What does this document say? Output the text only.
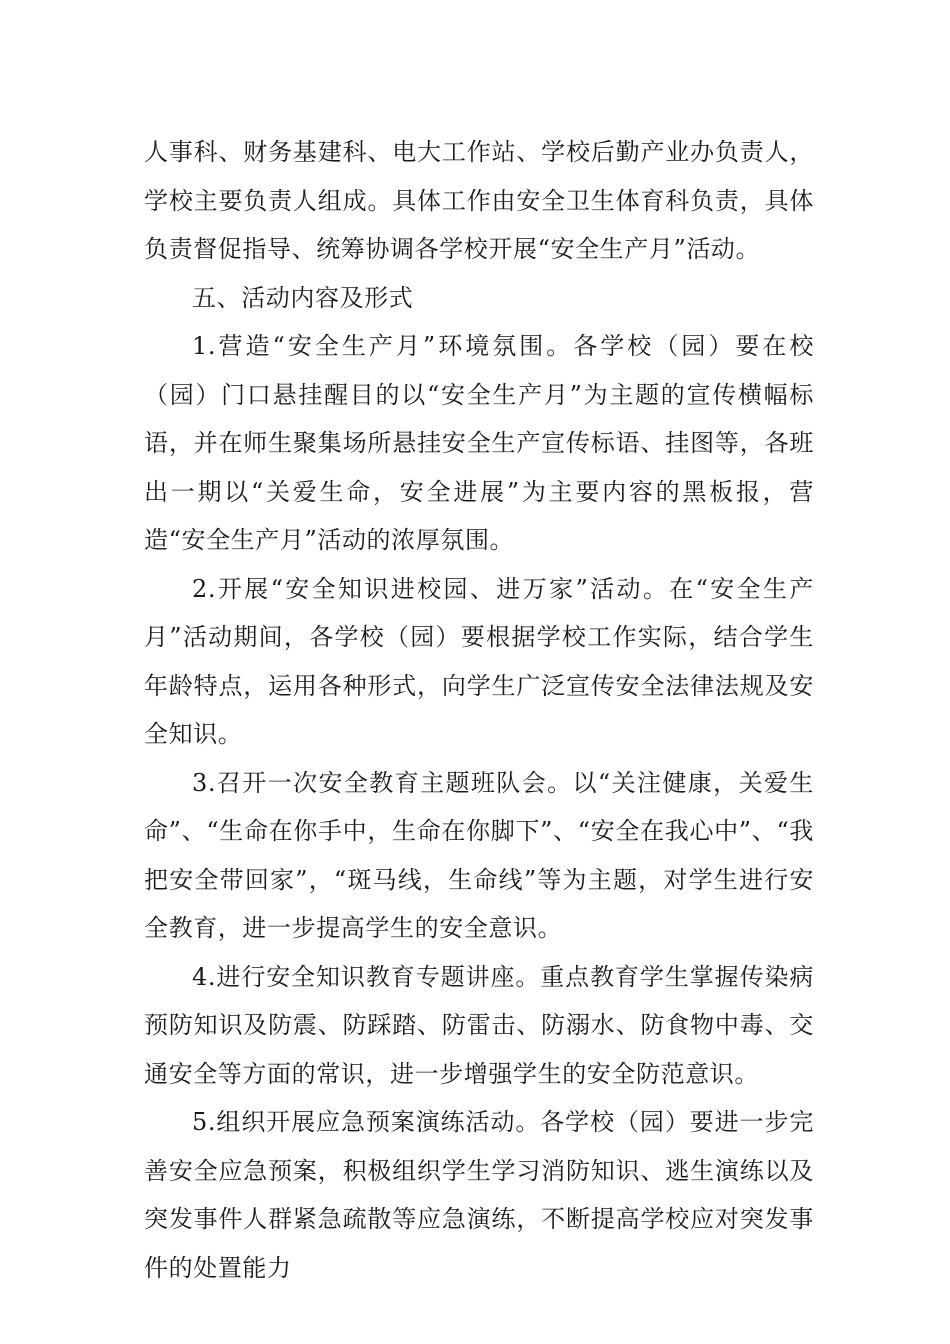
人事科、财务基建科、电大工作站、学校后勤产业办负责人，学校主要负责人组成。具体工作由安全卫生体育科负责，具体负责督促指导、统筹协调各学校开展“安全生产月”活动。

五、活动内容及形式

1.营造“安全生产月”环境氛围。各学校（园）要在校（园）门口悬挂醒目的以“安全生产月”为主题的宣传横幅标语，并在师生聚集场所悬挂安全生产宣传标语、挂图等，各班出一期以“关爱生命，安全进展”为主要内容的黑板报，营造“安全生产月”活动的浓厚氛围。

2.开展“安全知识进校园、进万家”活动。在“安全生产月”活动期间，各学校（园）要根据学校工作实际，结合学生年龄特点，运用各种形式，向学生广泛宣传安全法律法规及安全知识。

3.召开一次安全教育主题班队会。以“关注健康，关爱生命”、“生命在你手中，生命在你脚下”、“安全在我心中”、“我把安全带回家”，“斑马线，生命线”等为主题，对学生进行安全教育，进一步提高学生的安全意识。

4.进行安全知识教育专题讲座。重点教育学生掌握传染病预防知识及防震、防踩踏、防雷击、防溺水、防食物中毒、交通安全等方面的常识，进一步增强学生的安全防范意识。

5.组织开展应急预案演练活动。各学校（园）要进一步完善安全应急预案，积极组织学生学习消防知识、逃生演练以及突发事件人群紧急疏散等应急演练，不断提高学校应对突发事件的处置能力
